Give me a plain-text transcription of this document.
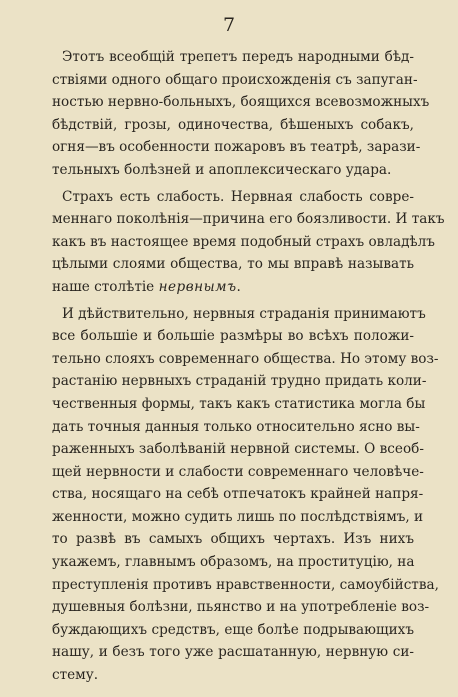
7
Этотъ всеобщій трепетъ передъ народными бѣд-
ствіями одного общаго происхожденія съ запуган-
ностью нервно-больныхъ, боящихся всевозможныхъ
бѣдствій, грозы, одиночества, бѣшеныхъ собакъ,
огня—въ особенности пожаровъ въ театрѣ, зарази-
тельныхъ болѣзней и апоплексическаго удара.
Страхъ есть слабость. Нервная слабость совре-
меннаго поколѣнія—причина его боязливости. И такъ
какъ въ настоящее время подобный страхъ овладѣлъ
цѣлыми слоями общества, то мы вправѣ называть
наше столѣтіе нервнымъ.
И дѣйствительно, нервныя страданія принимаютъ
все большіе и большіе размѣры во всѣхъ положи-
тельно слояхъ современнаго общества. Но этому воз-
растанію нервныхъ страданій трудно придать коли-
чественныя формы, такъ какъ статистика могла бы
дать точныя данныя только относительно ясно вы-
раженныхъ заболѣваній нервной системы. О всеоб-
щей нервности и слабости современнаго человѣче-
ства, носящаго на себѣ отпечатокъ крайней напря-
женности, можно судить лишь по послѣдствіямъ, и
то развѣ въ самыхъ общихъ чертахъ. Изъ нихъ
укажемъ, главнымъ образомъ, на проституцію, на
преступленія противъ нравственности, самоубійства,
душевныя болѣзни, пьянство и на употребленіе воз-
буждающихъ средствъ, еще болѣе подрывающихъ
нашу, и безъ того уже расшатанную, нервную си-
стему.
